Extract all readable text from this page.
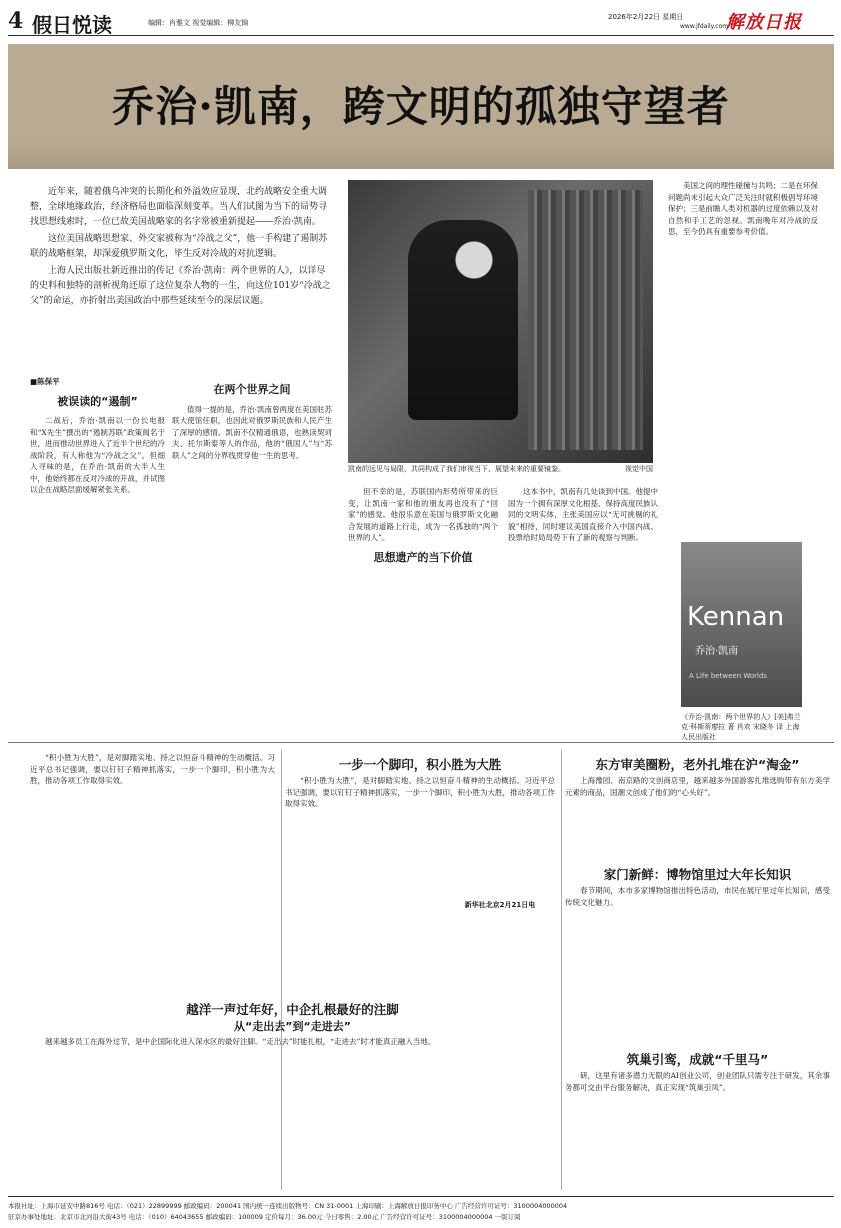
4 假日悦读	编辑：肖雅文 视觉编辑：柳友锦
2026年2月22日 星期日
www.jfdaily.com
解放日报
乔治·凯南，跨文明的孤独守望者

近年来，随着俄乌冲突的长期化和外溢效应显现，北约战略安全重大调整，全球地缘政治，经济格局也面临深刻变革。当人们试图为当下的局势寻找思想线索时，一位已故美国战略家的名字常被重新提起——乔治·凯南。

这位美国战略思想家、外交家被称为“冷战之父”，他一手构建了遏制苏联的战略框架，却深爱俄罗斯文化，毕生反对冷战的对抗逻辑。

上海人民出版社新近推出的传记《乔治·凯南：两个世界的人》，以详尽的史料和独特的剖析视角还原了这位复杂人物的一生，向这位101岁“冷战之父”的命运，亦折射出美国政治中那些延续至今的深层议题。

凯南的远见与局限，共同构成了我们审视当下、展望未来的重要镜鉴。	视觉中国
■陈保平
被误读的“遏制”

二战后，乔治·凯南以一份长电报和“X先生”撰出的“遏制苏联”政策闻名于世，进而推动世界进入了近半个世纪的冷战阶段，有人称他为“冷战之父”。但细人寻味的是，在乔治·凯南的大半人生中，他始终都在反对冷战的开战，并试图以企在战略层面缓解紧张关系。

在两个世界之间

值得一提的是，乔治·凯南曾两度在美国驻苏联大使馆任职，也因此对俄罗斯民族和人民产生了深厚的感情。凯南不仅精通俄语，也熟读契诃夫、托尔斯泰等人的作品，他的“俄国人”与“苏联人”之间的分界线贯穿他一生的思考。

但不幸的是，苏联国内形势所带来的巨变，让凯南一家和他的朋友再也没有了“回家”的感觉。他很乐意在美国与俄罗斯文化融合发展的道路上行走，成为一名孤独的“两个世界的人”。

思想遗产的当下价值

这本书中，凯南有几处谈到中国。他提中国为一个拥有深厚文化根基、保持高度民族认同的文明实体，主张美国应以“无可挑剔的礼貌”相待，同时建议美国直接介入中国内战、投票给时局局势下有了新的观察与判断。

美国之间的理性碰撞与共鸣；二是在环保问题尚未引起大众广泛关注时就积极倡导环境保护；三是前瞻人类对机器的过度依赖以及对自然和手工艺的忽视。凯南晚年对冷战的反思，至今仍具有重要参考价值。

Kennan
乔治·凯南
A Life between Worlds
《乔治·凯南：两个世界的人》[美]弗兰克·科斯蒂廖拉 著 肖欢 宋晓冬 译 上海人民出版社

“积小胜为大胜”，是对脚踏实地、持之以恒奋斗精神的生动概括。习近平总书记强调，要以钉钉子精神抓落实，一步一个脚印，积小胜为大胜，推动各项工作取得实效。

一步一个脚印，积小胜为大胜

“积小胜为大胜”，是对脚踏实地、持之以恒奋斗精神的生动概括。习近平总书记强调，要以钉钉子精神抓落实，一步一个脚印，积小胜为大胜，推动各项工作取得实效。

新华社北京2月21日电
越洋一声过年好，中企扎根最好的注脚
从“走出去”到“走进去”

越来越多员工在海外过节，是中企国际化进入深水区的最好注脚。“走出去”时能扎根，“走进去”时才能真正融入当地。

东方审美圈粉，老外扎堆在沪“淘金”

上海豫园、南京路的文创商店里，越来越多外国游客扎堆选购带有东方美学元素的商品，国潮文创成了他们的“心头好”。

家门新鲜：博物馆里过大年长知识

春节期间，本市多家博物馆推出特色活动，市民在展厅里过年长知识，感受传统文化魅力。

筑巢引鸾，成就“千里马”

研，这里有诸多潜力无限的AI创业公司，创业团队只需专注于研发，其余事务都可交由平台服务解决，真正实现“筑巢引凤”。

本报社址：上海市延安中路816号 电话：（021）22899999 邮政编码：200041 国内统一连续出版物号：CN 31-0001 上海印刷：上海解放日报印务中心 广告经营许可证号：3100004000004
驻京办事处地址：北京市北河沿大街43号 电话：（010）64043655 邮政编码：100009 定价每月：36.00元 今日零售：2.00元 广告经营许可证号：3100004000004 一版订阅
